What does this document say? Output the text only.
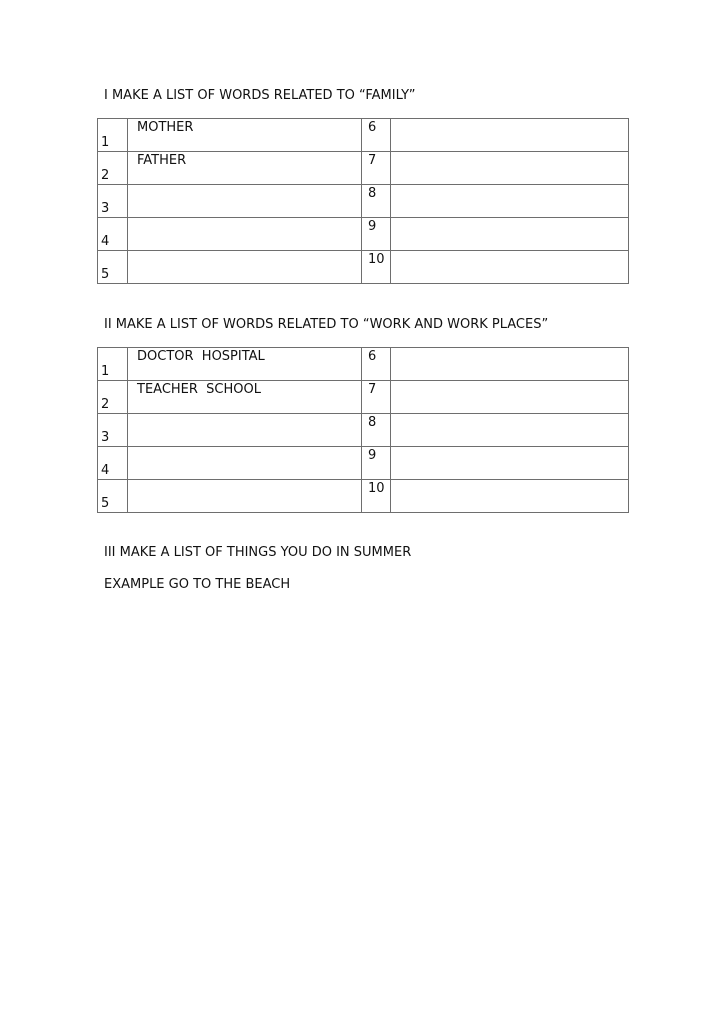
I MAKE A LIST OF WORDS RELATED TO “FAMILY”
1	MOTHER	6	
2	FATHER	7	
3		8	
4		9	
5		10	
II MAKE A LIST OF WORDS RELATED TO “WORK AND WORK PLACES”
1	DOCTOR  HOSPITAL	6	
2	TEACHER  SCHOOL	7	
3		8	
4		9	
5		10	
III MAKE A LIST OF THINGS YOU DO IN SUMMER

EXAMPLE GO TO THE BEACH
